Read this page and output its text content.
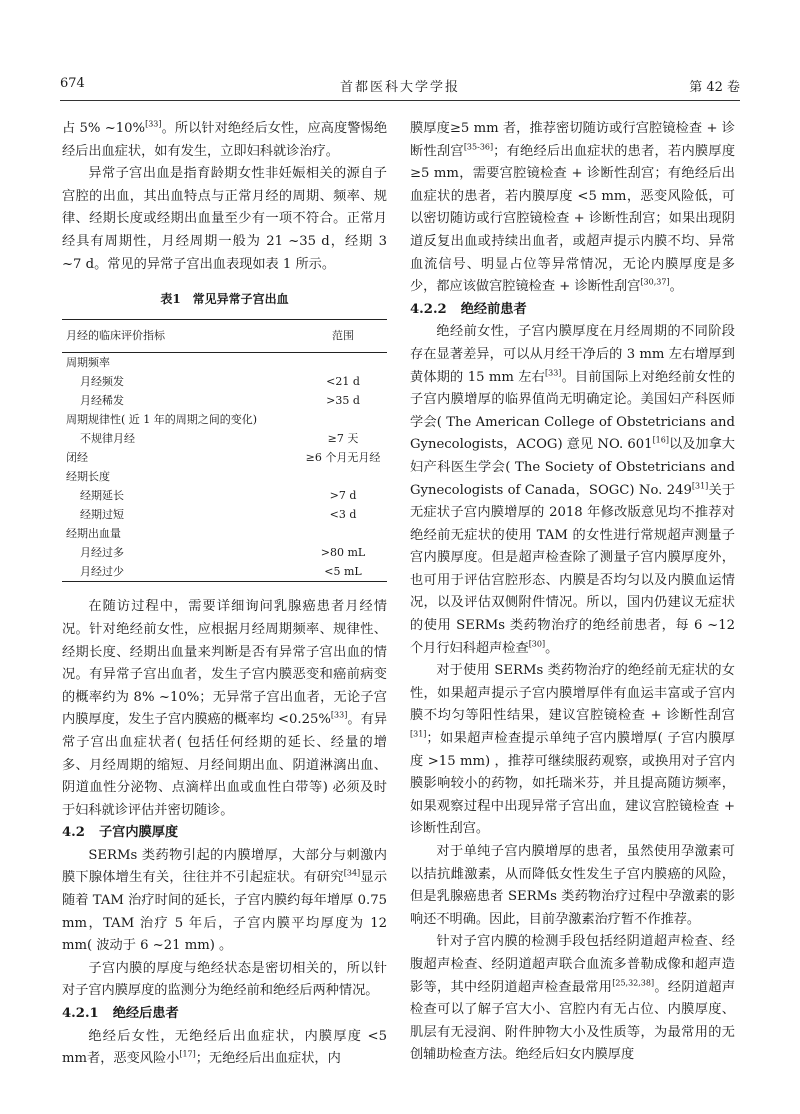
674	首都医科大学学报	第 42 卷

占 5% ~10%[33]。所以针对绝经后女性，应高度警惕绝经后出血症状，如有发生，立即妇科就诊治疗。

异常子宫出血是指育龄期女性非妊娠相关的源自子宫腔的出血，其出血特点与正常月经的周期、频率、规律、经期长度或经期出血量至少有一项不符合。正常月经具有周期性，月经周期一般为 21 ~35 d，经期 3 ~7 d。常见的异常子宫出血表现如表 1 所示。

表1 常见异常子宫出血
月经的临床评价指标	范围
周期频率	
月经频发	<21 d
月经稀发	>35 d
周期规律性( 近 1 年的周期之间的变化)	
不规律月经	≥7 天
闭经	≥6 个月无月经
经期长度	
经期延长	>7 d
经期过短	<3 d
经期出血量	
月经过多	>80 mL
月经过少	<5 mL

在随访过程中，需要详细询问乳腺癌患者月经情况。针对绝经前女性，应根据月经周期频率、规律性、经期长度、经期出血量来判断是否有异常子宫出血的情况。有异常子宫出血者，发生子宫内膜恶变和癌前病变的概率约为 8% ~10%；无异常子宫出血者，无论子宫内膜厚度，发生子宫内膜癌的概率均 <0.25%[33]。有异常子宫出血症状者( 包括任何经期的延长、经量的增多、月经周期的缩短、月经间期出血、阴道淋漓出血、阴道血性分泌物、点滴样出血或血性白带等) 必须及时于妇科就诊评估并密切随诊。

4.2 子宫内膜厚度

SERMs 类药物引起的内膜增厚，大部分与刺激内膜下腺体增生有关，往往并不引起症状。有研究[34]显示随着 TAM 治疗时间的延长，子宫内膜约每年增厚 0.75 mm，TAM 治疗 5 年后，子宫内膜平均厚度为 12 mm( 波动于 6 ~21 mm) 。

子宫内膜的厚度与绝经状态是密切相关的，所以针对子宫内膜厚度的监测分为绝经前和绝经后两种情况。

4.2.1 绝经后患者

绝经后女性，无绝经后出血症状，内膜厚度 <5 mm者，恶变风险小[17]；无绝经后出血症状，内

膜厚度≥5 mm 者，推荐密切随访或行宫腔镜检查 + 诊断性刮宫[35-36]；有绝经后出血症状的患者，若内膜厚度≥5 mm，需要宫腔镜检查 + 诊断性刮宫；有绝经后出血症状的患者，若内膜厚度 <5 mm，恶变风险低，可以密切随访或行宫腔镜检查 + 诊断性刮宫；如果出现阴道反复出血或持续出血者，或超声提示内膜不均、异常血流信号、明显占位等异常情况，无论内膜厚度是多少，都应该做宫腔镜检查 + 诊断性刮宫[30,37]。

4.2.2 绝经前患者

绝经前女性，子宫内膜厚度在月经周期的不同阶段存在显著差异，可以从月经干净后的 3 mm 左右增厚到黄体期的 15 mm 左右[33]。目前国际上对绝经前女性的子宫内膜增厚的临界值尚无明确定论。美国妇产科医师学会( The American College of Obstetricians and Gynecologists，ACOG) 意见 NO. 601[16]以及加拿大妇产科医生学会( The Society of Obstetricians and Gynecologists of Canada，SOGC) No. 249[31]关于无症状子宫内膜增厚的 2018 年修改版意见均不推荐对绝经前无症状的使用 TAM 的女性进行常规超声测量子宫内膜厚度。但是超声检查除了测量子宫内膜厚度外，也可用于评估宫腔形态、内膜是否均匀以及内膜血运情况，以及评估双侧附件情况。所以，国内仍建议无症状的使用 SERMs 类药物治疗的绝经前患者，每 6 ~12 个月行妇科超声检查[30]。

对于使用 SERMs 类药物治疗的绝经前无症状的女性，如果超声提示子宫内膜增厚伴有血运丰富或子宫内膜不均匀等阳性结果，建议宫腔镜检查 + 诊断性刮宫[31]；如果超声检查提示单纯子宫内膜增厚( 子宫内膜厚度 >15 mm) ，推荐可继续服药观察，或换用对子宫内膜影响较小的药物，如托瑞米芬，并且提高随访频率，如果观察过程中出现异常子宫出血，建议宫腔镜检查 + 诊断性刮宫。

对于单纯子宫内膜增厚的患者，虽然使用孕激素可以拮抗雌激素，从而降低女性发生子宫内膜癌的风险，但是乳腺癌患者 SERMs 类药物治疗过程中孕激素的影响还不明确。因此，目前孕激素治疗暂不作推荐。

针对子宫内膜的检测手段包括经阴道超声检查、经腹超声检查、经阴道超声联合血流多普勒成像和超声造影等，其中经阴道超声检查最常用[25,32,38]。经阴道超声检查可以了解子宫大小、宫腔内有无占位、内膜厚度、肌层有无浸润、附件肿物大小及性质等，为最常用的无创辅助检查方法。绝经后妇女内膜厚度
